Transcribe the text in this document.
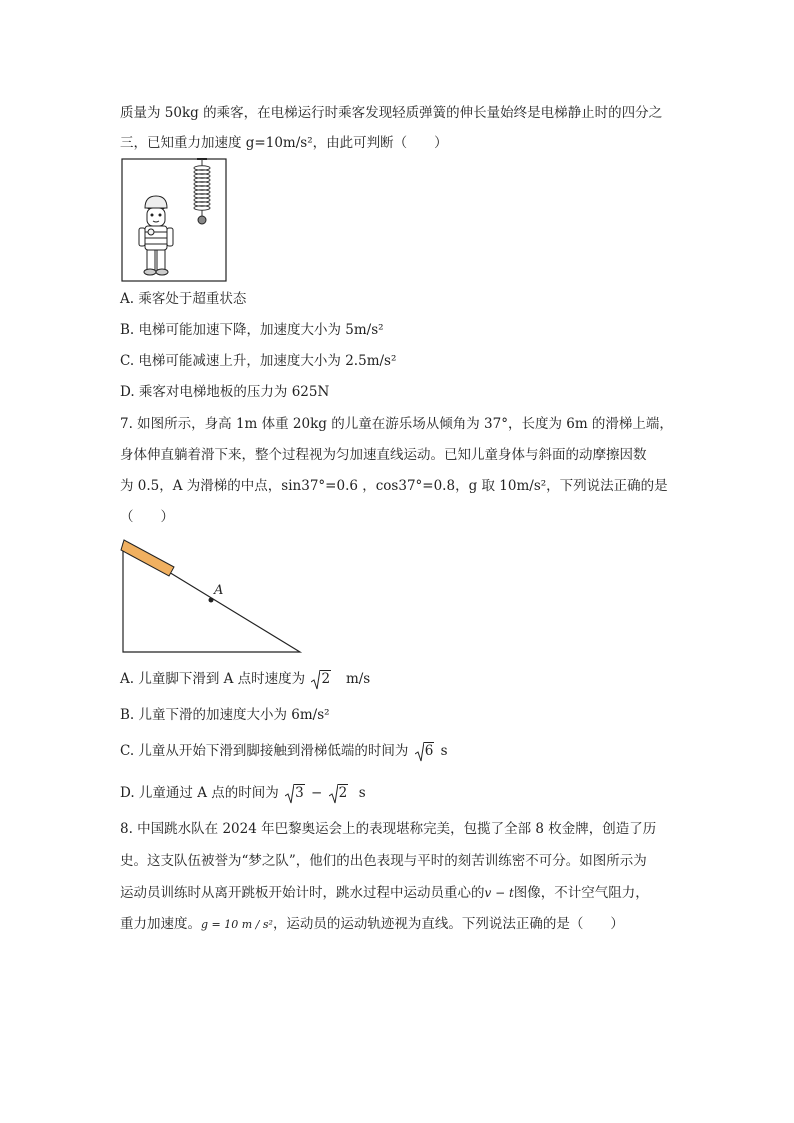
质量为 50kg 的乘客，在电梯运行时乘客发现轻质弹簧的伸长量始终是电梯静止时的四分之
三，已知重力加速度 g=10m/s²，由此可判断（　　）
A. 乘客处于超重状态
B. 电梯可能加速下降，加速度大小为 5m/s²
C. 电梯可能减速上升，加速度大小为 2.5m/s²
D. 乘客对电梯地板的压力为 625N
7. 如图所示，身高 1m 体重 20kg 的儿童在游乐场从倾角为 37°，长度为 6m 的滑梯上端，
身体伸直躺着滑下来，整个过程视为匀加速直线运动。已知儿童身体与斜面的动摩擦因数
为 0.5，A 为滑梯的中点，sin37°=0.6 ，cos37°=0.8，g 取 10m/s²，下列说法正确的是
（　　）
A
A. 儿童脚下滑到 A 点时速度为 2 m/s
B. 儿童下滑的加速度大小为 6m/s²
C. 儿童从开始下滑到脚接触到滑梯低端的时间为 6 s
D. 儿童通过 A 点的时间为 3 − 2 s
8. 中国跳水队在 2024 年巴黎奥运会上的表现堪称完美，包揽了全部 8 枚金牌，创造了历
史。这支队伍被誉为“梦之队”，他们的出色表现与平时的刻苦训练密不可分。如图所示为
运动员训练时从离开跳板开始计时，跳水过程中运动员重心的v − t图像，不计空气阻力，
重力加速度。g = 10 m / s²，运动员的运动轨迹视为直线。下列说法正确的是（　　）
